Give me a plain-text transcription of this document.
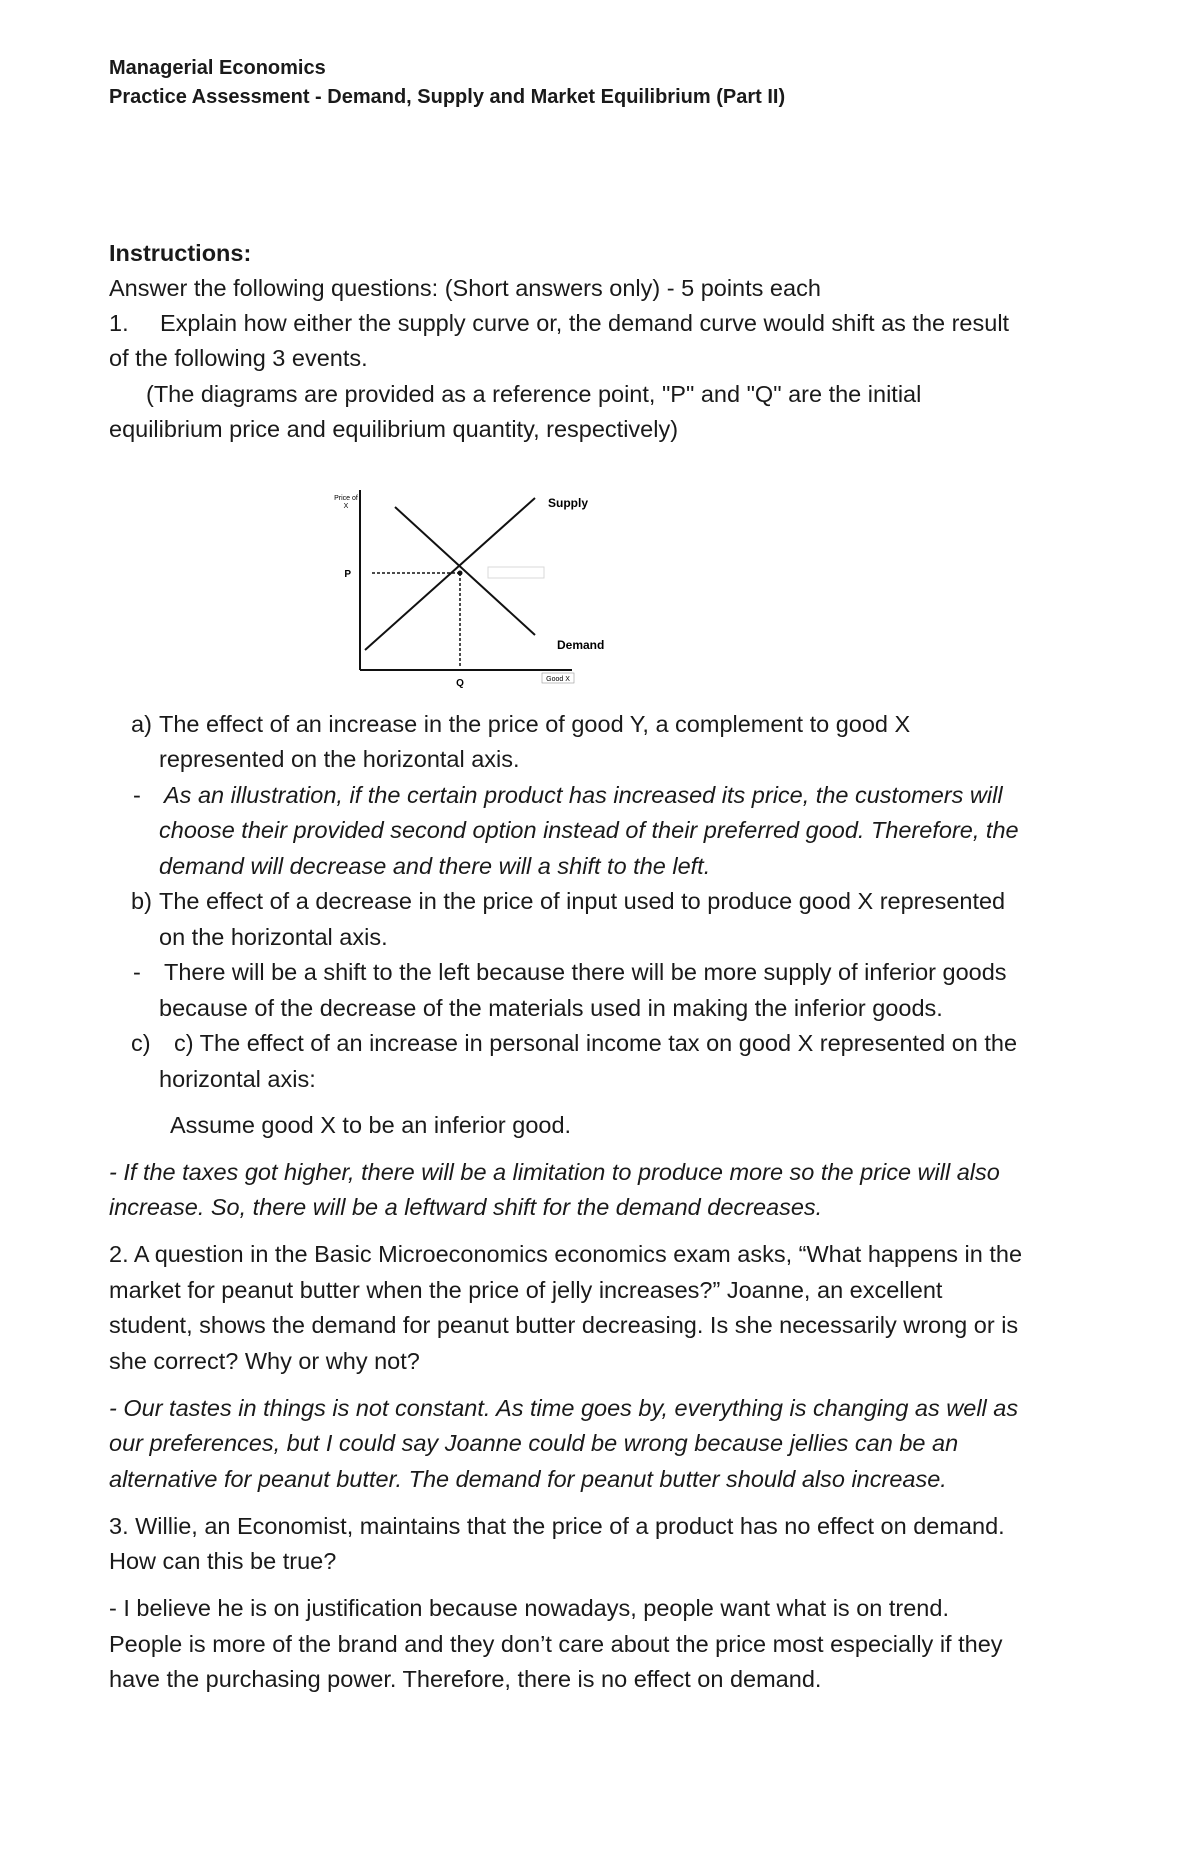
Managerial Economics
Practice Assessment - Demand, Supply and Market Equilibrium (Part II)
Instructions:
Answer the following questions: (Short answers only) - 5 points each
1. Explain how either the supply curve or, the demand curve would shift as the result
of the following 3 events.
(The diagrams are provided as a reference point, "P" and "Q" are the initial
equilibrium price and equilibrium quantity, respectively)
Price of
X	Supply
Demand
P
Q	Good X
a) The effect of an increase in the price of good Y, a complement to good X
represented on the horizontal axis.
- As an illustration, if the certain product has increased its price, the customers will
choose their provided second option instead of their preferred good. Therefore, the
demand will decrease and there will a shift to the left.
b) The effect of a decrease in the price of input used to produce good X represented
on the horizontal axis.
- There will be a shift to the left because there will be more supply of inferior goods
because of the decrease of the materials used in making the inferior goods.
c) c) The effect of an increase in personal income tax on good X represented on the
horizontal axis:
Assume good X to be an inferior good.
- If the taxes got higher, there will be a limitation to produce more so the price will also
increase. So, there will be a leftward shift for the demand decreases.
2. A question in the Basic Microeconomics economics exam asks, “What happens in the
market for peanut butter when the price of jelly increases?” Joanne, an excellent
student, shows the demand for peanut butter decreasing. Is she necessarily wrong or is
she correct? Why or why not?
- Our tastes in things is not constant. As time goes by, everything is changing as well as
our preferences, but I could say Joanne could be wrong because jellies can be an
alternative for peanut butter. The demand for peanut butter should also increase.
3. Willie, an Economist, maintains that the price of a product has no effect on demand.
How can this be true?
- I believe he is on justification because nowadays, people want what is on trend.
People is more of the brand and they don’t care about the price most especially if they
have the purchasing power. Therefore, there is no effect on demand.
